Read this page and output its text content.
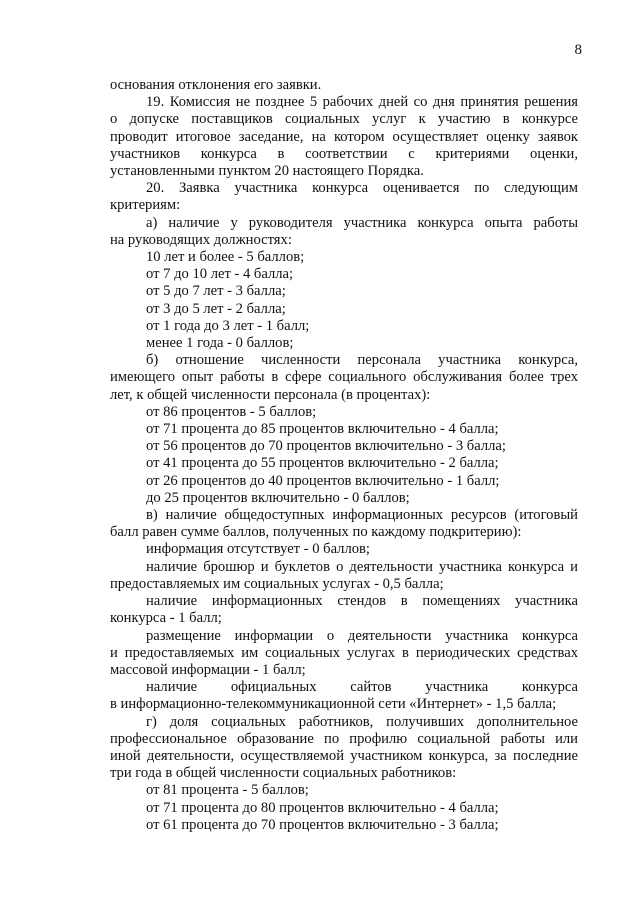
8
основания отклонения его заявки.
19. Комиссия не позднее 5 рабочих дней со дня принятия решения
о допуске поставщиков социальных услуг к участию в конкурсе
проводит итоговое заседание, на котором осуществляет оценку заявок
участников конкурса в соответствии с критериями оценки,
установленными пунктом 20 настоящего Порядка.
20. Заявка участника конкурса оценивается по следующим
критериям:
а) наличие у руководителя участника конкурса опыта работы
на руководящих должностях:
10 лет и более - 5 баллов;
от 7 до 10 лет - 4 балла;
от 5 до 7 лет - 3 балла;
от 3 до 5 лет - 2 балла;
от 1 года до 3 лет - 1 балл;
менее 1 года - 0 баллов;
б) отношение численности персонала участника конкурса,
имеющего опыт работы в сфере социального обслуживания более трех
лет, к общей численности персонала (в процентах):
от 86 процентов - 5 баллов;
от 71 процента до 85 процентов включительно - 4 балла;
от 56 процентов до 70 процентов включительно - 3 балла;
от 41 процента до 55 процентов включительно - 2 балла;
от 26 процентов до 40 процентов включительно - 1 балл;
до 25 процентов включительно - 0 баллов;
в) наличие общедоступных информационных ресурсов (итоговый
балл равен сумме баллов, полученных по каждому подкритерию):
информация отсутствует - 0 баллов;
наличие брошюр и буклетов о деятельности участника конкурса и
предоставляемых им социальных услугах - 0,5 балла;
наличие информационных стендов в помещениях участника
конкурса - 1 балл;
размещение информации о деятельности участника конкурса
и предоставляемых им социальных услугах в периодических средствах
массовой информации - 1 балл;
наличие официальных сайтов участника конкурса
в информационно-телекоммуникационной сети «Интернет» - 1,5 балла;
г) доля социальных работников, получивших дополнительное
профессиональное образование по профилю социальной работы или
иной деятельности, осуществляемой участником конкурса, за последние
три года в общей численности социальных работников:
от 81 процента - 5 баллов;
от 71 процента до 80 процентов включительно - 4 балла;
от 61 процента до 70 процентов включительно - 3 балла;
